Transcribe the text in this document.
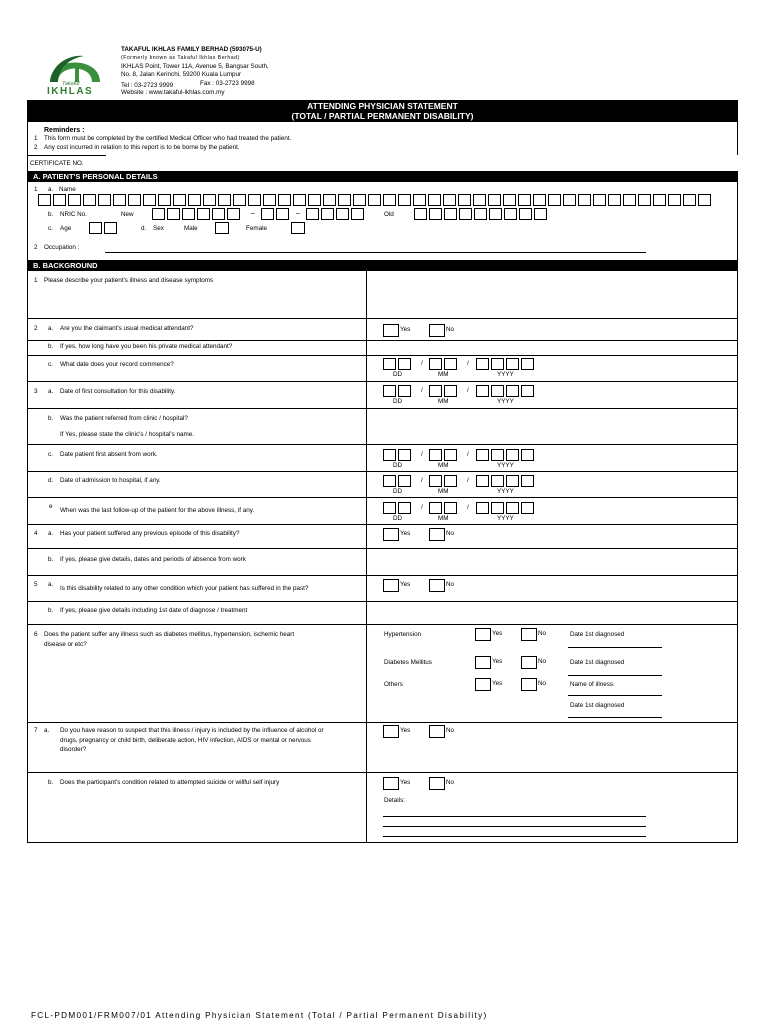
Takaful
IKHLAS
TAKAFUL IKHLAS FAMILY BERHAD (593075-U)
(Formerly known as Takaful Ikhlas Berhad)
IKHLAS Point, Tower 11A, Avenue 5, Bangsar South,
No. 8, Jalan Kerinchi, 59200 Kuala Lumpur
Tel : 03-2723 9999	Fax : 03-2723 9998
Website : www.takaful-ikhlas.com.my
ATTENDING PHYSICIAN STATEMENT
(TOTAL / PARTIAL PERMANENT DISABILITY)
Reminders :
1 This form must be completed by the certified Medical Officer who had treated the patient.
2 Any cost incurred in relation to this report is to be borne by the patient.
CERTIFICATE NO.
A. PATIENT'S PERSONAL DETAILS
1 a. Name
b. NRIC No.	New	–	–	Old
c. Age	d. Sex	Male	Female
2 Occupation :
B. BACKGROUND
1 Please describe your patient's illness and disease symptoms
2 a. Are you the claimant's usual medical attendant?	Yes	No
b. If yes, how long have you been his private medical attendant?
c. What date does your record commence?	/	/
DD	MM	YYYY
3 a. Date of first consultation for this disability.	/	/
DD	MM	YYYY
b. Was the patient referred from clinic / hospital?
If Yes, please state the clinic's / hospital's name.
c. Date patient first absent from work.	/	/
DD	MM	YYYY
d. Date of admission to hospital, if any.	/	/
DD	MM	YYYY
e
When was the last follow-up of the patient for the above illness, if any.	/	/
DD	MM	YYYY
4 a. Has your patient suffered any previous episode of this disability?	Yes	No
b. If yes, please give details, dates and periods of absence from work
5 a.
Is this disability related to any other condition which your patient has suffered in the past?
Yes	No
b. If yes, please give details including 1st date of diagnose / treatment
6 Does the patient suffer any illness such as diabetes mellitus, hypertension, ischemic heart
disease or etc?
Hypertension	Yes	No	Date 1st diagnosed
Diabetes Mellitus	Yes	No	Date 1st diagnosed
Others	Yes	No	Name of illness:
Date 1st diagnosed
7 a. Do you have reason to suspect that this illness / injury is included by the influence of alcohol or
drugs, pregnancy or child birth, deliberate action, HIV infection, AIDS or mental or nervous
disorder?
Yes	No
b. Does the participant's condition related to attempted suicide or willful self injury	Yes	No
Details:
FCL-PDM001/FRM007/01 Attending Physician Statement (Total / Partial Permanent Disability)
